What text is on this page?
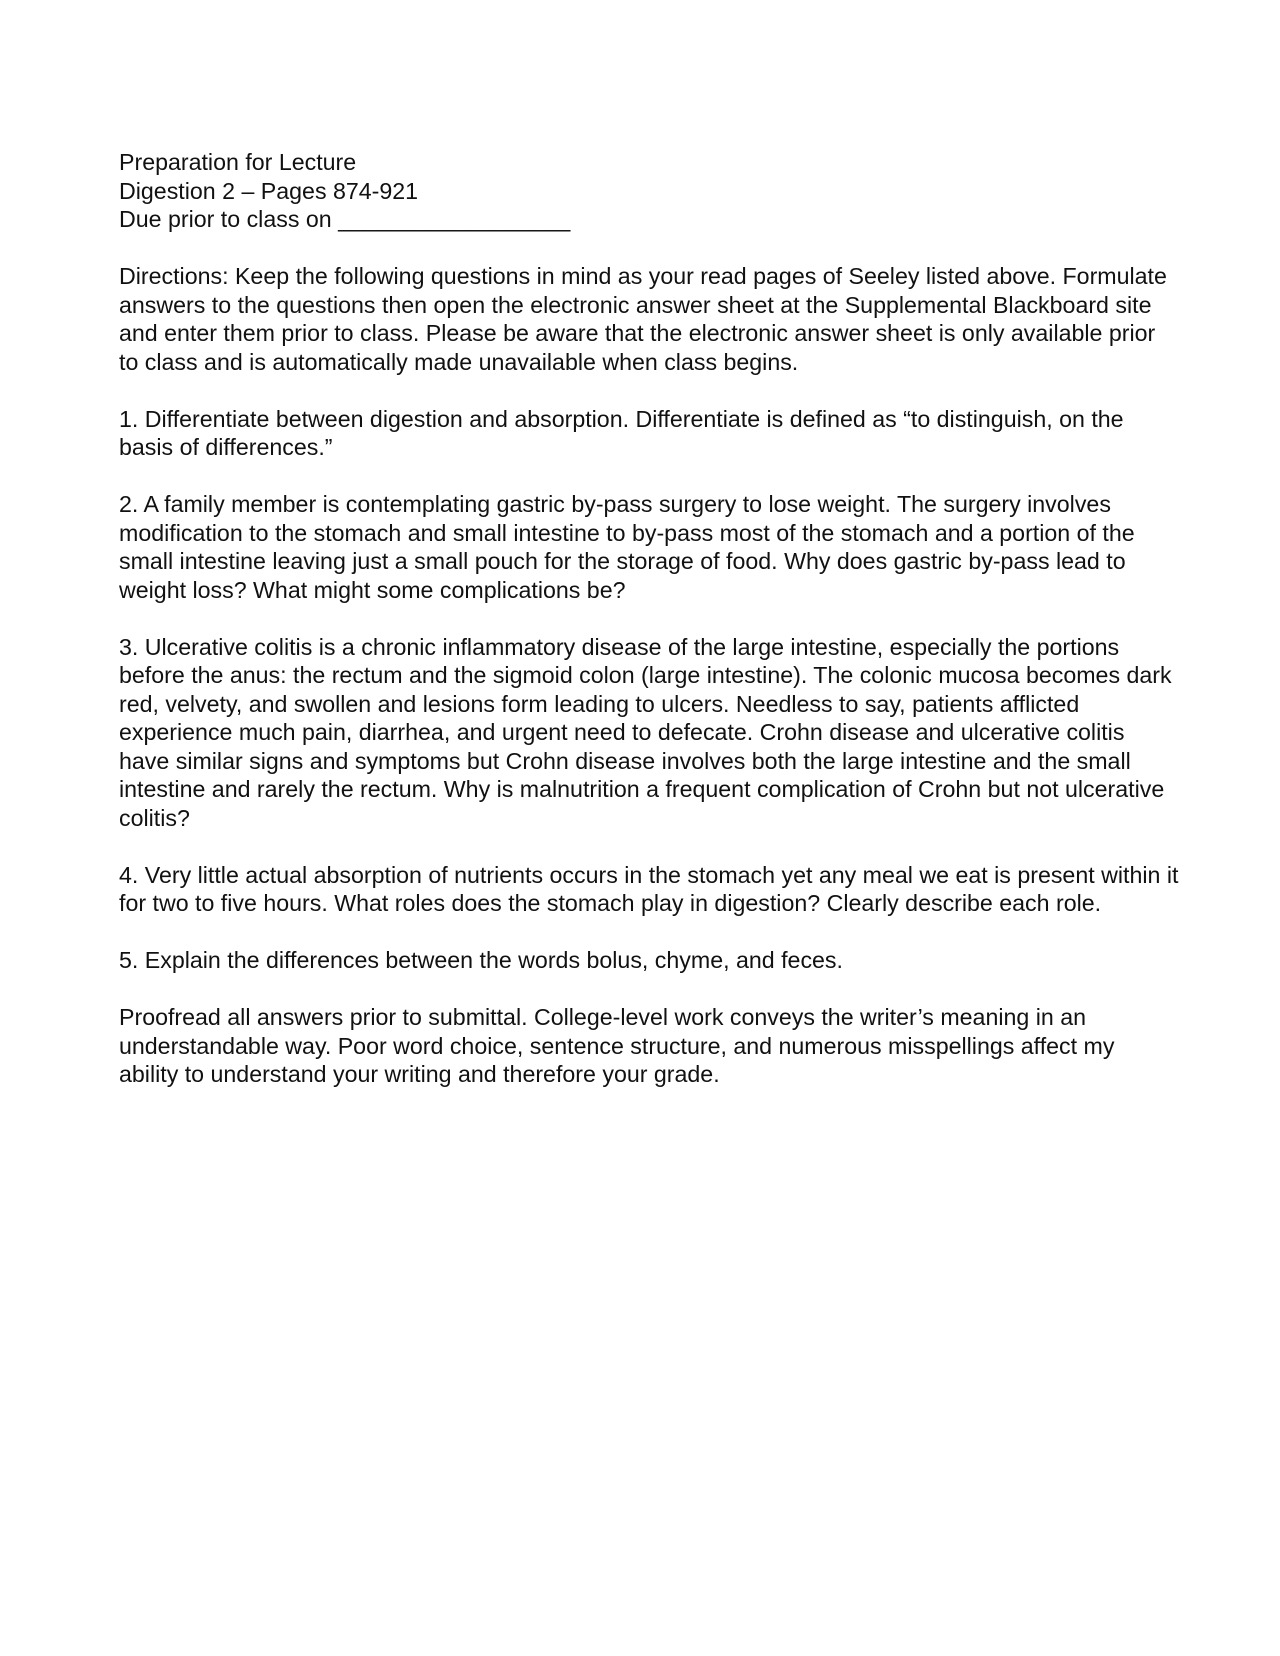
Preparation for Lecture
Digestion 2 – Pages 874-921
Due prior to class on __________________

Directions: Keep the following questions in mind as your read pages of Seeley listed above. Formulate answers to the questions then open the electronic answer sheet at the Supplemental Blackboard site and enter them prior to class. Please be aware that the electronic answer sheet is only available prior to class and is automatically made unavailable when class begins.

1. Differentiate between digestion and absorption. Differentiate is defined as “to distinguish, on the basis of differences.”

2. A family member is contemplating gastric by-pass surgery to lose weight. The surgery involves modification to the stomach and small intestine to by-pass most of the stomach and a portion of the small intestine leaving just a small pouch for the storage of food. Why does gastric by-pass lead to weight loss? What might some complications be?

3. Ulcerative colitis is a chronic inflammatory disease of the large intestine, especially the portions before the anus: the rectum and the sigmoid colon (large intestine). The colonic mucosa becomes dark red, velvety, and swollen and lesions form leading to ulcers. Needless to say, patients afflicted experience much pain, diarrhea, and urgent need to defecate. Crohn disease and ulcerative colitis have similar signs and symptoms but Crohn disease involves both the large intestine and the small intestine and rarely the rectum. Why is malnutrition a frequent complication of Crohn but not ulcerative colitis?

4. Very little actual absorption of nutrients occurs in the stomach yet any meal we eat is present within it for two to five hours. What roles does the stomach play in digestion? Clearly describe each role.

5. Explain the differences between the words bolus, chyme, and feces.

Proofread all answers prior to submittal. College-level work conveys the writer’s meaning in an understandable way. Poor word choice, sentence structure, and numerous misspellings affect my ability to understand your writing and therefore your grade.
